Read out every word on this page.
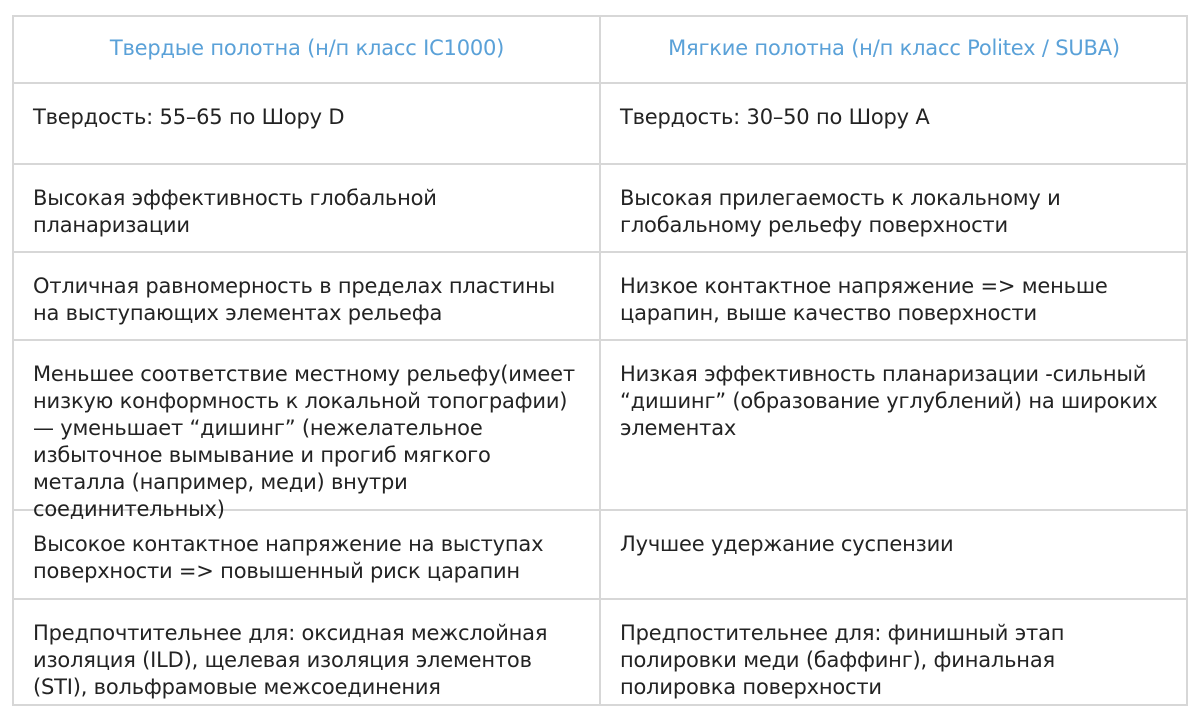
Твердые полотна (н/п класс IC1000)	Мягкие полотна (н/п класс Politex / SUBA)
Твердость: 55–65 по Шору D	Твердость: 30–50 по Шору А
Высокая эффективность глобальной планаризации
Высокая прилегаемость к локальному и глобальному рельефу поверхности
Отличная равномерность в пределах пластины на выступающих элементах рельефа
Низкое контактное напряжение => меньше царапин, выше качество поверхности
Меньшее соответствие местному рельефу(имеет низкую конформность к локальной топографии) — уменьшает “дишинг” (нежелательное избыточное вымывание и прогиб мягкого металла (например, меди) внутри соединительных)
Низкая эффективность планаризации -сильный “дишинг” (образование углублений) на широких элементах
Высокое контактное напряжение на выступах поверхности => повышенный риск царапин
Лучшее удержание суспензии
Предпочтительнее для: оксидная межслойная изоляция (ILD), щелевая изоляция элементов (STI), вольфрамовые межсоединения
Предпостительнее для: финишный этап полировки меди (баффинг), финальная полировка поверхности
